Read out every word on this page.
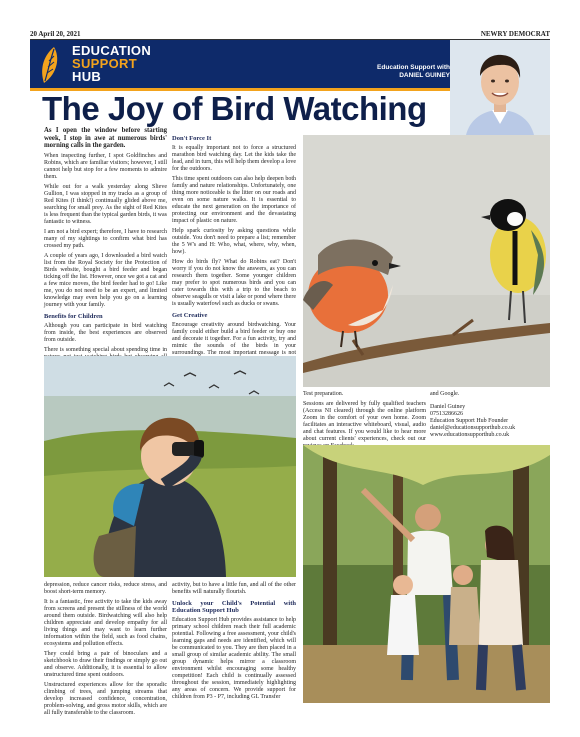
20 April 20, 2021	NEWRY DEMOCRAT
EDUCATION
SUPPORT
HUB
Education Support with
DANIEL GUINEY
The Joy of Bird Watching

As I open the window before starting week, I stop in awe at numerous birds' morning calls in the garden.

When inspecting further, I spot Goldfinches and Robins, which are familiar visitors; however, I still cannot help but stop for a few moments to admire them.

While out for a walk yesterday along Slieve Gullion, I was stopped in my tracks as a group of Red Kites (I think!) continually glided above me, searching for small prey. As the sight of Red Kites is less frequent than the typical garden birds, it was fantastic to witness.

I am not a bird expert; therefore, I have to research many of my sightings to confirm what bird has crossed my path.

A couple of years ago, I downloaded a bird watch list from the Royal Society for the Protection of Birds website, bought a bird feeder and began ticking off the list. However, once we got a cat and a few mice moves, the bird feeder had to go! Like me, you do not need to be an expert, and limited knowledge may even help you go on a learning journey with your family.

Benefits for Children

Although you can participate in bird watching from inside, the best experiences are observed from outside.

There is something special about spending time in

Don't Force It

It is equally important not to force a structured marathon bird watching day. Let the kids take the lead, and in turn, this will help them develop a love for the outdoors.

This time spent outdoors can also help deepen both family and nature relationships. Unfortunately, one thing more noticeable is the litter on our roads and even on some nature walks. It is essential to educate the next generation on the importance of protecting our environment and the devastating impact of plastic on nature.

Help spark curiosity by asking questions while outside. You don't need to prepare a list; remember the 5 W's and H: Who, what, where, why, when, how).

How do birds fly? What do Robins eat? Don't worry if you do not know the answers, as you can research them together. Some younger children may prefer to spot numerous birds and you can cater towards this with a trip to the beach to observe seagulls or visit a lake or pond where there is usually waterfowl such as ducks or swans.

Get Creative

Encourage creativity around birdwatching. Your family could either build a bird feeder or buy one and decorate it together. For a fun activity, try and mimic the sounds of the birds in your surroundings. The most important message is not

Test preparation.

Sessions are delivered by fully qualified teachers (Access NI cleared) through the online platform Zoom in the comfort of your own home. Zoom facilitates an interactive whiteboard, visual, audio and chat features. If you would like to hear more about current clients' experiences, check out our

and Google.

Daniel Guiney
07513286626
Education Support Hub Founder
daniel@educationsupporthub.co.uk
www.educationsupporthub.co.uk

depression, reduce cancer risks, reduce stress, and boost short-term memory.

It is a fantastic, free activity to take the kids away from screens and present the stillness of the world around them outside. Birdwatching will also help children appreciate and develop empathy for all living things and may want to learn further information within the field, such as food chains, ecosystems and pollution effects.

They could bring a pair of binoculars and a sketchbook to draw their findings or simply go out and observe. Additionally, it is essential to allow unstructured time spent outdoors.

Unstructured experiences allow for the sporadic climbing of trees, and jumping streams that develop increased confidence, concentration, problem-solving, and gross motor skills, which are all fully transferable to the classroom.

activity, but to have a little fun, and all of the other benefits will naturally flourish.

Unlock your Child's Potential with Education Support Hub

Education Support Hub provides assistance to help primary school children reach their full academic potential. Following a free assessment, your child's learning gaps and needs are identified, which will be communicated to you. They are then placed in a small group of similar academic ability. The small group dynamic helps mirror a classroom environment whilst encouraging some healthy competition! Each child is continually assessed throughout the session, immediately highlighting any areas of concern. We provide support for children from P3 - P7, including GL Transfer
